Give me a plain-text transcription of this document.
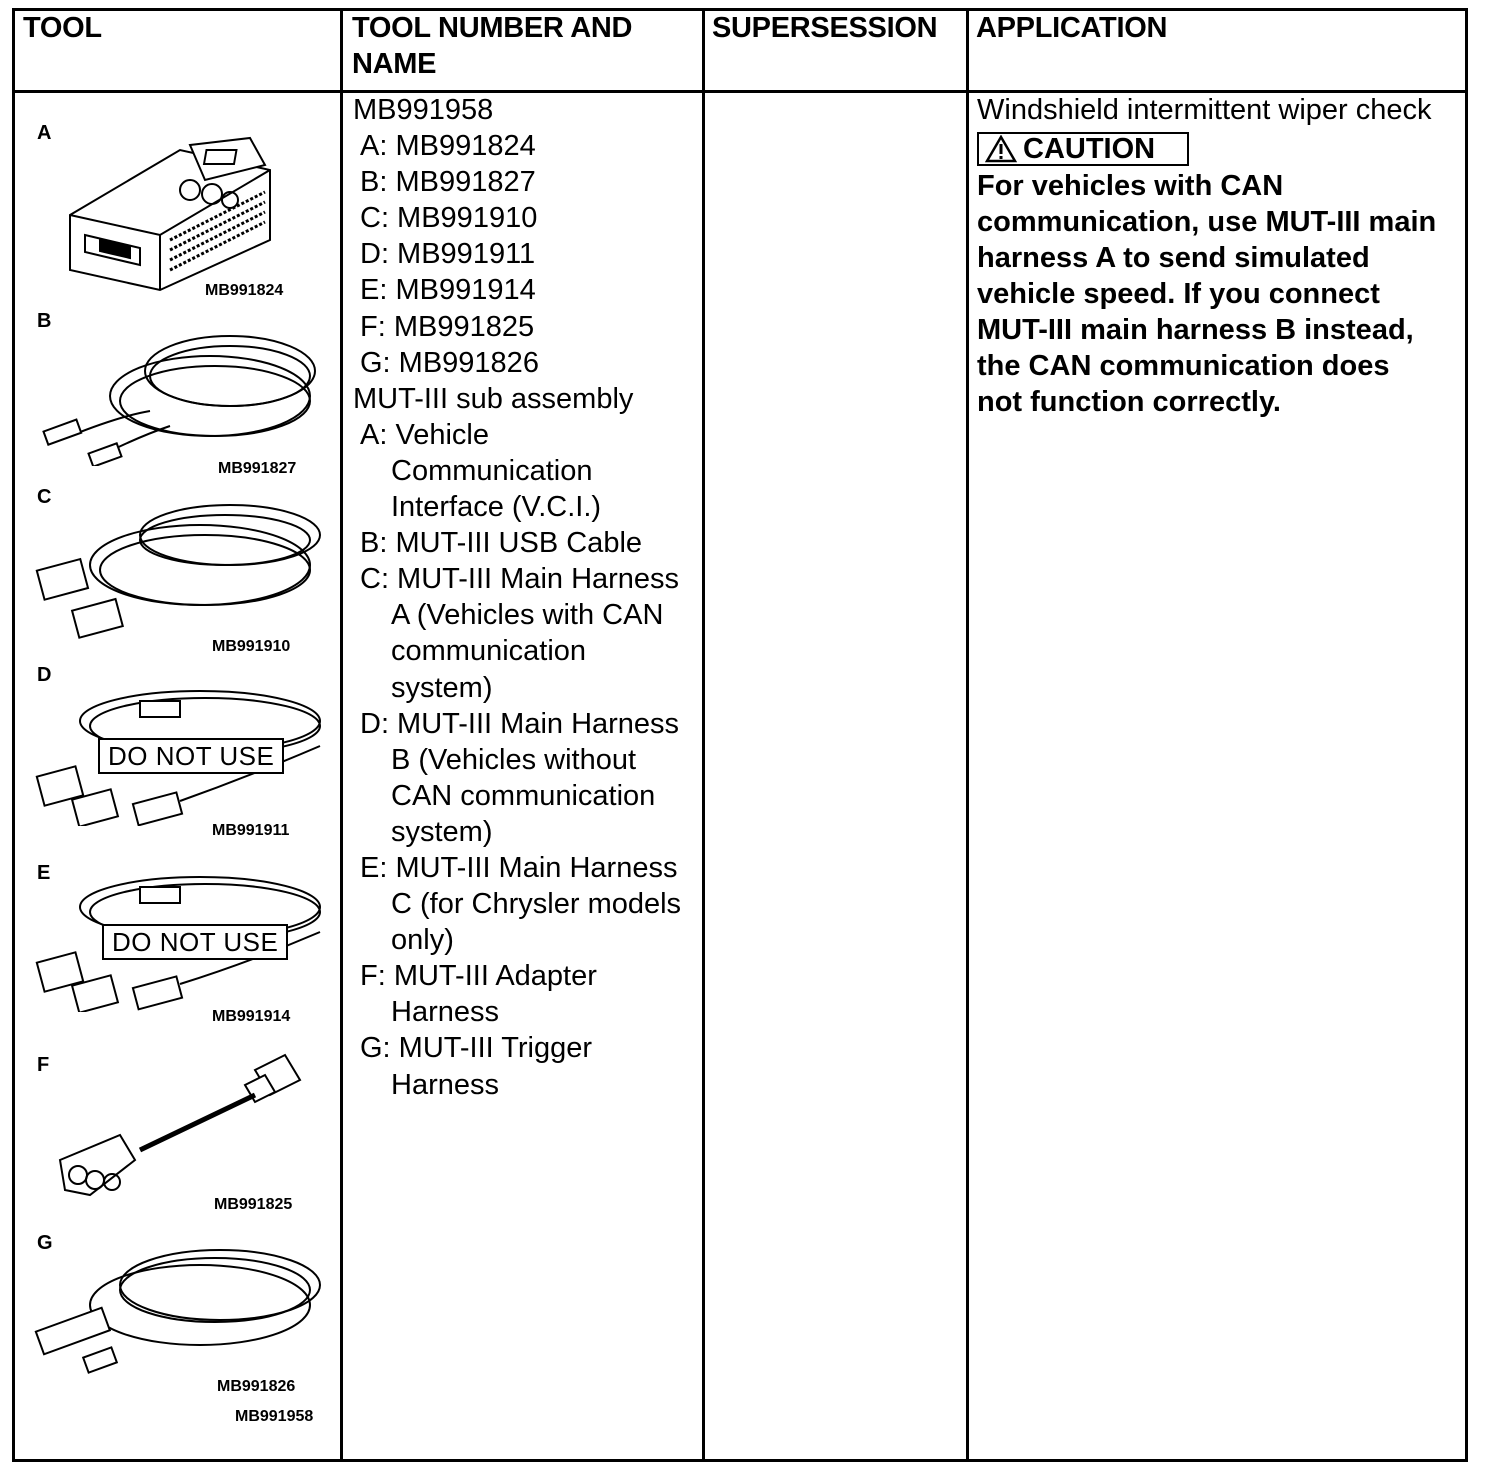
TOOL	TOOL NUMBER AND
NAME
SUPERSESSION APPLICATION
A
MB991824
B
MB991827
C
MB991910
D
DO NOT USE
MB991911
E
DO NOT USE
MB991914
F
MB991825
G
MB991826
MB991958
MB991958
A: MB991824
B: MB991827
C: MB991910
D: MB991911
E: MB991914
F: MB991825
G: MB991826
MUT-III sub assembly
A: Vehicle
Communication
Interface (V.C.I.)
B: MUT-III USB Cable
C: MUT-III Main Harness
A (Vehicles with CAN
communication
system)
D: MUT-III Main Harness
B (Vehicles without
CAN communication
system)
E: MUT-III Main Harness
C (for Chrysler models
only)
F: MUT-III Adapter
Harness
G: MUT-III Trigger
Harness
Windshield intermittent wiper check
CAUTION

For vehicles with CAN

communication, use MUT-III main

harness A to send simulated

vehicle speed. If you connect

MUT-III main harness B instead,

the CAN communication does

not function correctly.
